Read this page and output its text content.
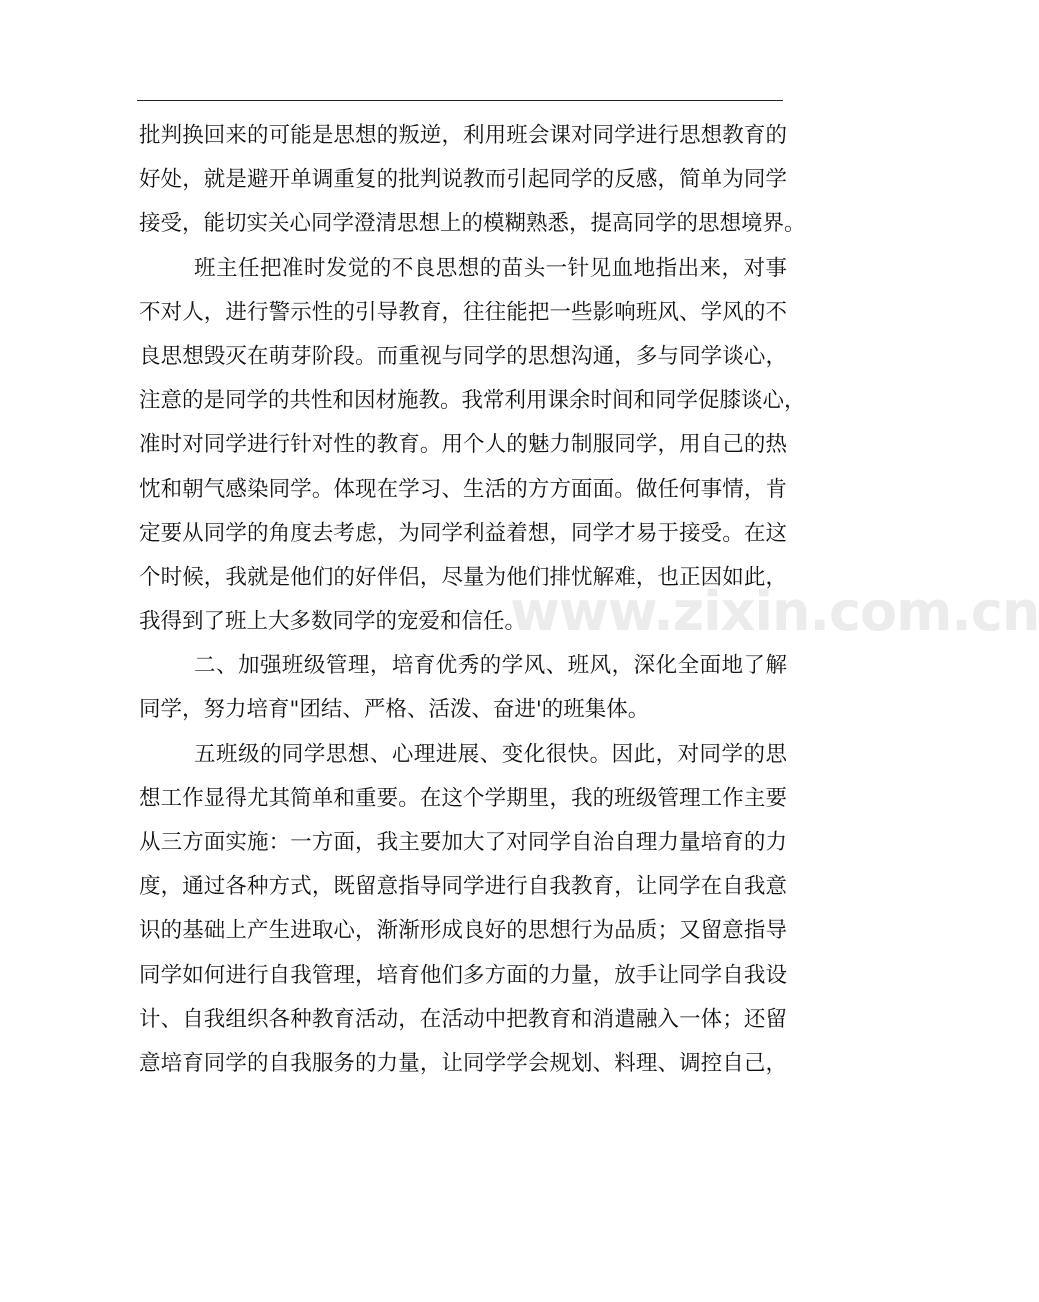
批判换回来的可能是思想的叛逆，利用班会课对同学进行思想教育的
好处，就是避开单调重复的批判说教而引起同学的反感，简单为同学
接受，能切实关心同学澄清思想上的模糊熟悉，提高同学的思想境界。
班主任把准时发觉的不良思想的苗头一针见血地指出来，对事
不对人，进行警示性的引导教育，往往能把一些影响班风、学风的不
良思想毁灭在萌芽阶段。而重视与同学的思想沟通，多与同学谈心，
注意的是同学的共性和因材施教。我常利用课余时间和同学促膝谈心，
准时对同学进行针对性的教育。用个人的魅力制服同学，用自己的热
忱和朝气感染同学。体现在学习、生活的方方面面。做任何事情，肯
定要从同学的角度去考虑，为同学利益着想，同学才易于接受。在这
个时候，我就是他们的好伴侣，尽量为他们排忧解难，也正因如此，
我得到了班上大多数同学的宠爱和信任。
二、加强班级管理，培育优秀的学风、班风，深化全面地了解
同学，努力培育"团结、严格、活泼、奋进'的班集体。
五班级的同学思想、心理进展、变化很快。因此，对同学的思
想工作显得尤其简单和重要。在这个学期里，我的班级管理工作主要
从三方面实施：一方面，我主要加大了对同学自治自理力量培育的力
度，通过各种方式，既留意指导同学进行自我教育，让同学在自我意
识的基础上产生进取心，渐渐形成良好的思想行为品质；又留意指导
同学如何进行自我管理，培育他们多方面的力量，放手让同学自我设
计、自我组织各种教育活动，在活动中把教育和消遣融入一体；还留
意培育同学的自我服务的力量，让同学学会规划、料理、调控自己，
www.zixin.com.cn
